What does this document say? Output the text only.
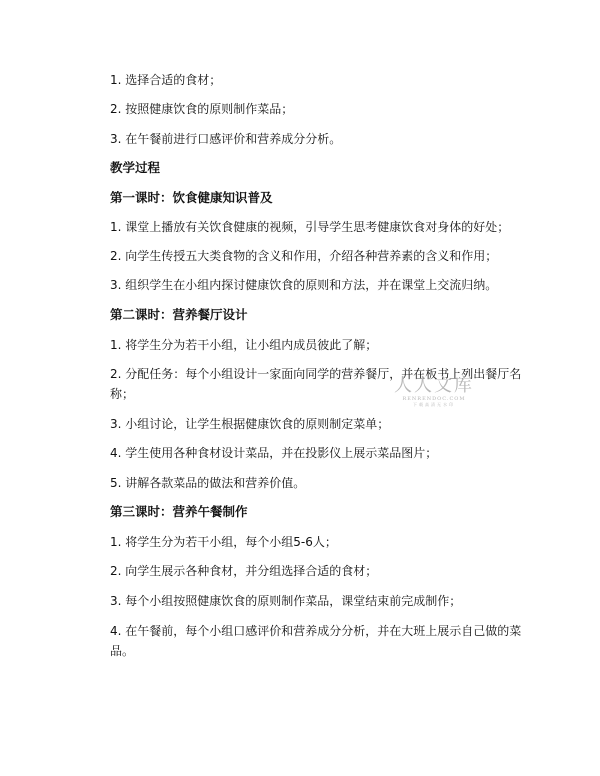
1. 选择合适的食材；
2. 按照健康饮食的原则制作菜品；
3. 在午餐前进行口感评价和营养成分分析。
教学过程
第一课时：饮食健康知识普及
1. 课堂上播放有关饮食健康的视频，引导学生思考健康饮食对身体的好处；
2. 向学生传授五大类食物的含义和作用，介绍各种营养素的含义和作用；
3. 组织学生在小组内探讨健康饮食的原则和方法，并在课堂上交流归纳。
第二课时：营养餐厅设计
1. 将学生分为若干小组，让小组内成员彼此了解；
2. 分配任务：每个小组设计一家面向同学的营养餐厅，并在板书上列出餐厅名称；
3. 小组讨论，让学生根据健康饮食的原则制定菜单；
4. 学生使用各种食材设计菜品，并在投影仪上展示菜品图片；
5. 讲解各款菜品的做法和营养价值。
第三课时：营养午餐制作
1. 将学生分为若干小组，每个小组5-6人；
2. 向学生展示各种食材，并分组选择合适的食材；
3. 每个小组按照健康饮食的原则制作菜品，课堂结束前完成制作；
4. 在午餐前，每个小组口感评价和营养成分分析，并在大班上展示自己做的菜品。
人人文库
RENRENDOC.COM
下载高清无水印
